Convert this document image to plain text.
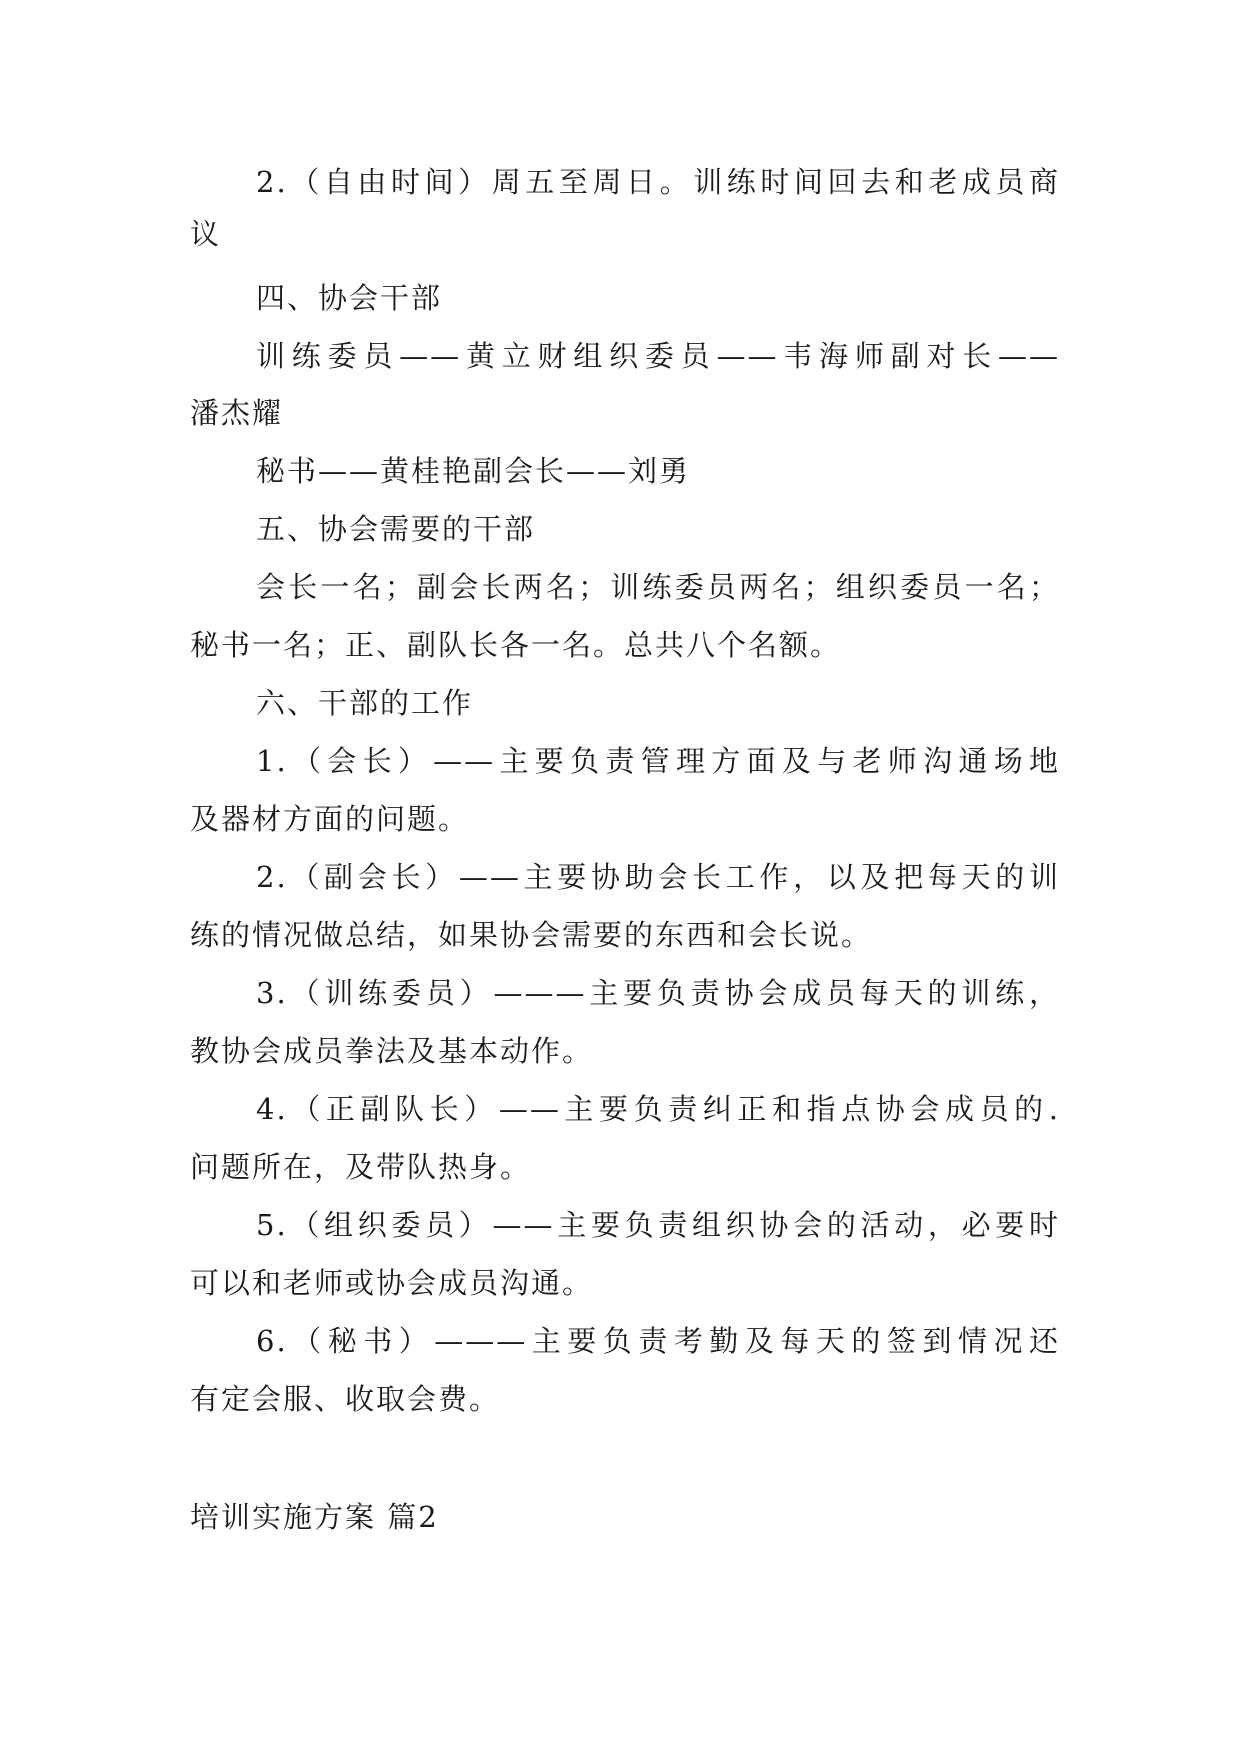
2.（自由时间）周五至周日。训练时间回去和老成员商
议
四、协会干部
训练委员——黄立财组织委员——韦海师副对长——
潘杰耀
秘书——黄桂艳副会长——刘勇
五、协会需要的干部
会长一名；副会长两名；训练委员两名；组织委员一名；
秘书一名；正、副队长各一名。总共八个名额。
六、干部的工作
1.（会长）——主要负责管理方面及与老师沟通场地
及器材方面的问题。
2.（副会长）——主要协助会长工作，以及把每天的训
练的情况做总结，如果协会需要的东西和会长说。
3.（训练委员）———主要负责协会成员每天的训练，
教协会成员拳法及基本动作。
4.（正副队长）——主要负责纠正和指点协会成员的.
问题所在，及带队热身。
5.（组织委员）——主要负责组织协会的活动，必要时
可以和老师或协会成员沟通。
6.（秘书）———主要负责考勤及每天的签到情况还
有定会服、收取会费。
培训实施方案 篇2
